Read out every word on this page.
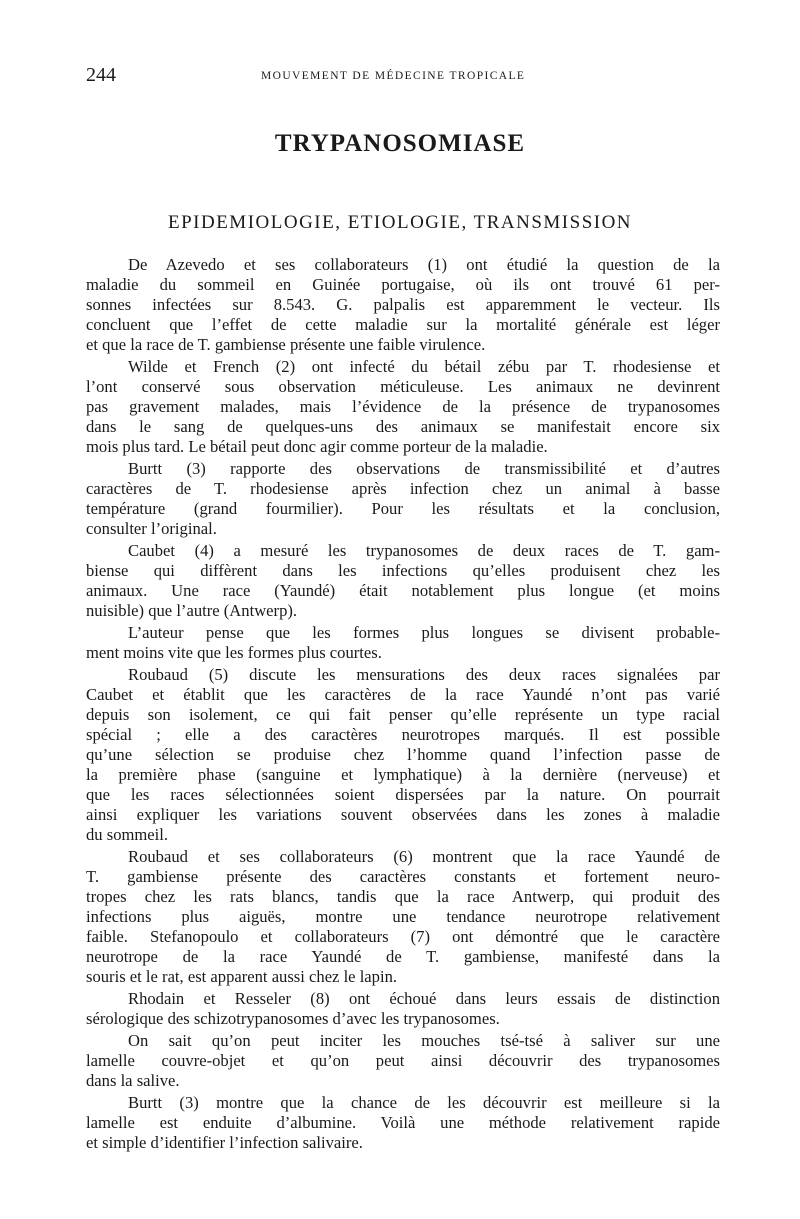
244	MOUVEMENT DE MÉDECINE TROPICALE
TRYPANOSOMIASE
EPIDEMIOLOGIE, ETIOLOGIE, TRANSMISSION
De Azevedo et ses collaborateurs (1) ont étudié la question de la
maladie du sommeil en Guinée portugaise, où ils ont trouvé 61 per-
sonnes infectées sur 8.543. G. palpalis est apparemment le vecteur. Ils
concluent que l’effet de cette maladie sur la mortalité générale est léger
et que la race de T. gambiense présente une faible virulence.
Wilde et French (2) ont infecté du bétail zébu par T. rhodesiense et
l’ont conservé sous observation méticuleuse. Les animaux ne devinrent
pas gravement malades, mais l’évidence de la présence de trypanosomes
dans le sang de quelques-uns des animaux se manifestait encore six
mois plus tard. Le bétail peut donc agir comme porteur de la maladie.
Burtt (3) rapporte des observations de transmissibilité et d’autres
caractères de T. rhodesiense après infection chez un animal à basse
température (grand fourmilier). Pour les résultats et la conclusion,
consulter l’original.
Caubet (4) a mesuré les trypanosomes de deux races de T. gam-
biense qui diffèrent dans les infections qu’elles produisent chez les
animaux. Une race (Yaundé) était notablement plus longue (et moins
nuisible) que l’autre (Antwerp).
L’auteur pense que les formes plus longues se divisent probable-
ment moins vite que les formes plus courtes.
Roubaud (5) discute les mensurations des deux races signalées par
Caubet et établit que les caractères de la race Yaundé n’ont pas varié
depuis son isolement, ce qui fait penser qu’elle représente un type racial
spécial ; elle a des caractères neurotropes marqués. Il est possible
qu’une sélection se produise chez l’homme quand l’infection passe de
la première phase (sanguine et lymphatique) à la dernière (nerveuse) et
que les races sélectionnées soient dispersées par la nature. On pourrait
ainsi expliquer les variations souvent observées dans les zones à maladie
du sommeil.
Roubaud et ses collaborateurs (6) montrent que la race Yaundé de
T. gambiense présente des caractères constants et fortement neuro-
tropes chez les rats blancs, tandis que la race Antwerp, qui produit des
infections plus aiguës, montre une tendance neurotrope relativement
faible. Stefanopoulo et collaborateurs (7) ont démontré que le caractère
neurotrope de la race Yaundé de T. gambiense, manifesté dans la
souris et le rat, est apparent aussi chez le lapin.
Rhodain et Resseler (8) ont échoué dans leurs essais de distinction
sérologique des schizotrypanosomes d’avec les trypanosomes.
On sait qu’on peut inciter les mouches tsé-tsé à saliver sur une
lamelle couvre-objet et qu’on peut ainsi découvrir des trypanosomes
dans la salive.
Burtt (3) montre que la chance de les découvrir est meilleure si la
lamelle est enduite d’albumine. Voilà une méthode relativement rapide
et simple d’identifier l’infection salivaire.
